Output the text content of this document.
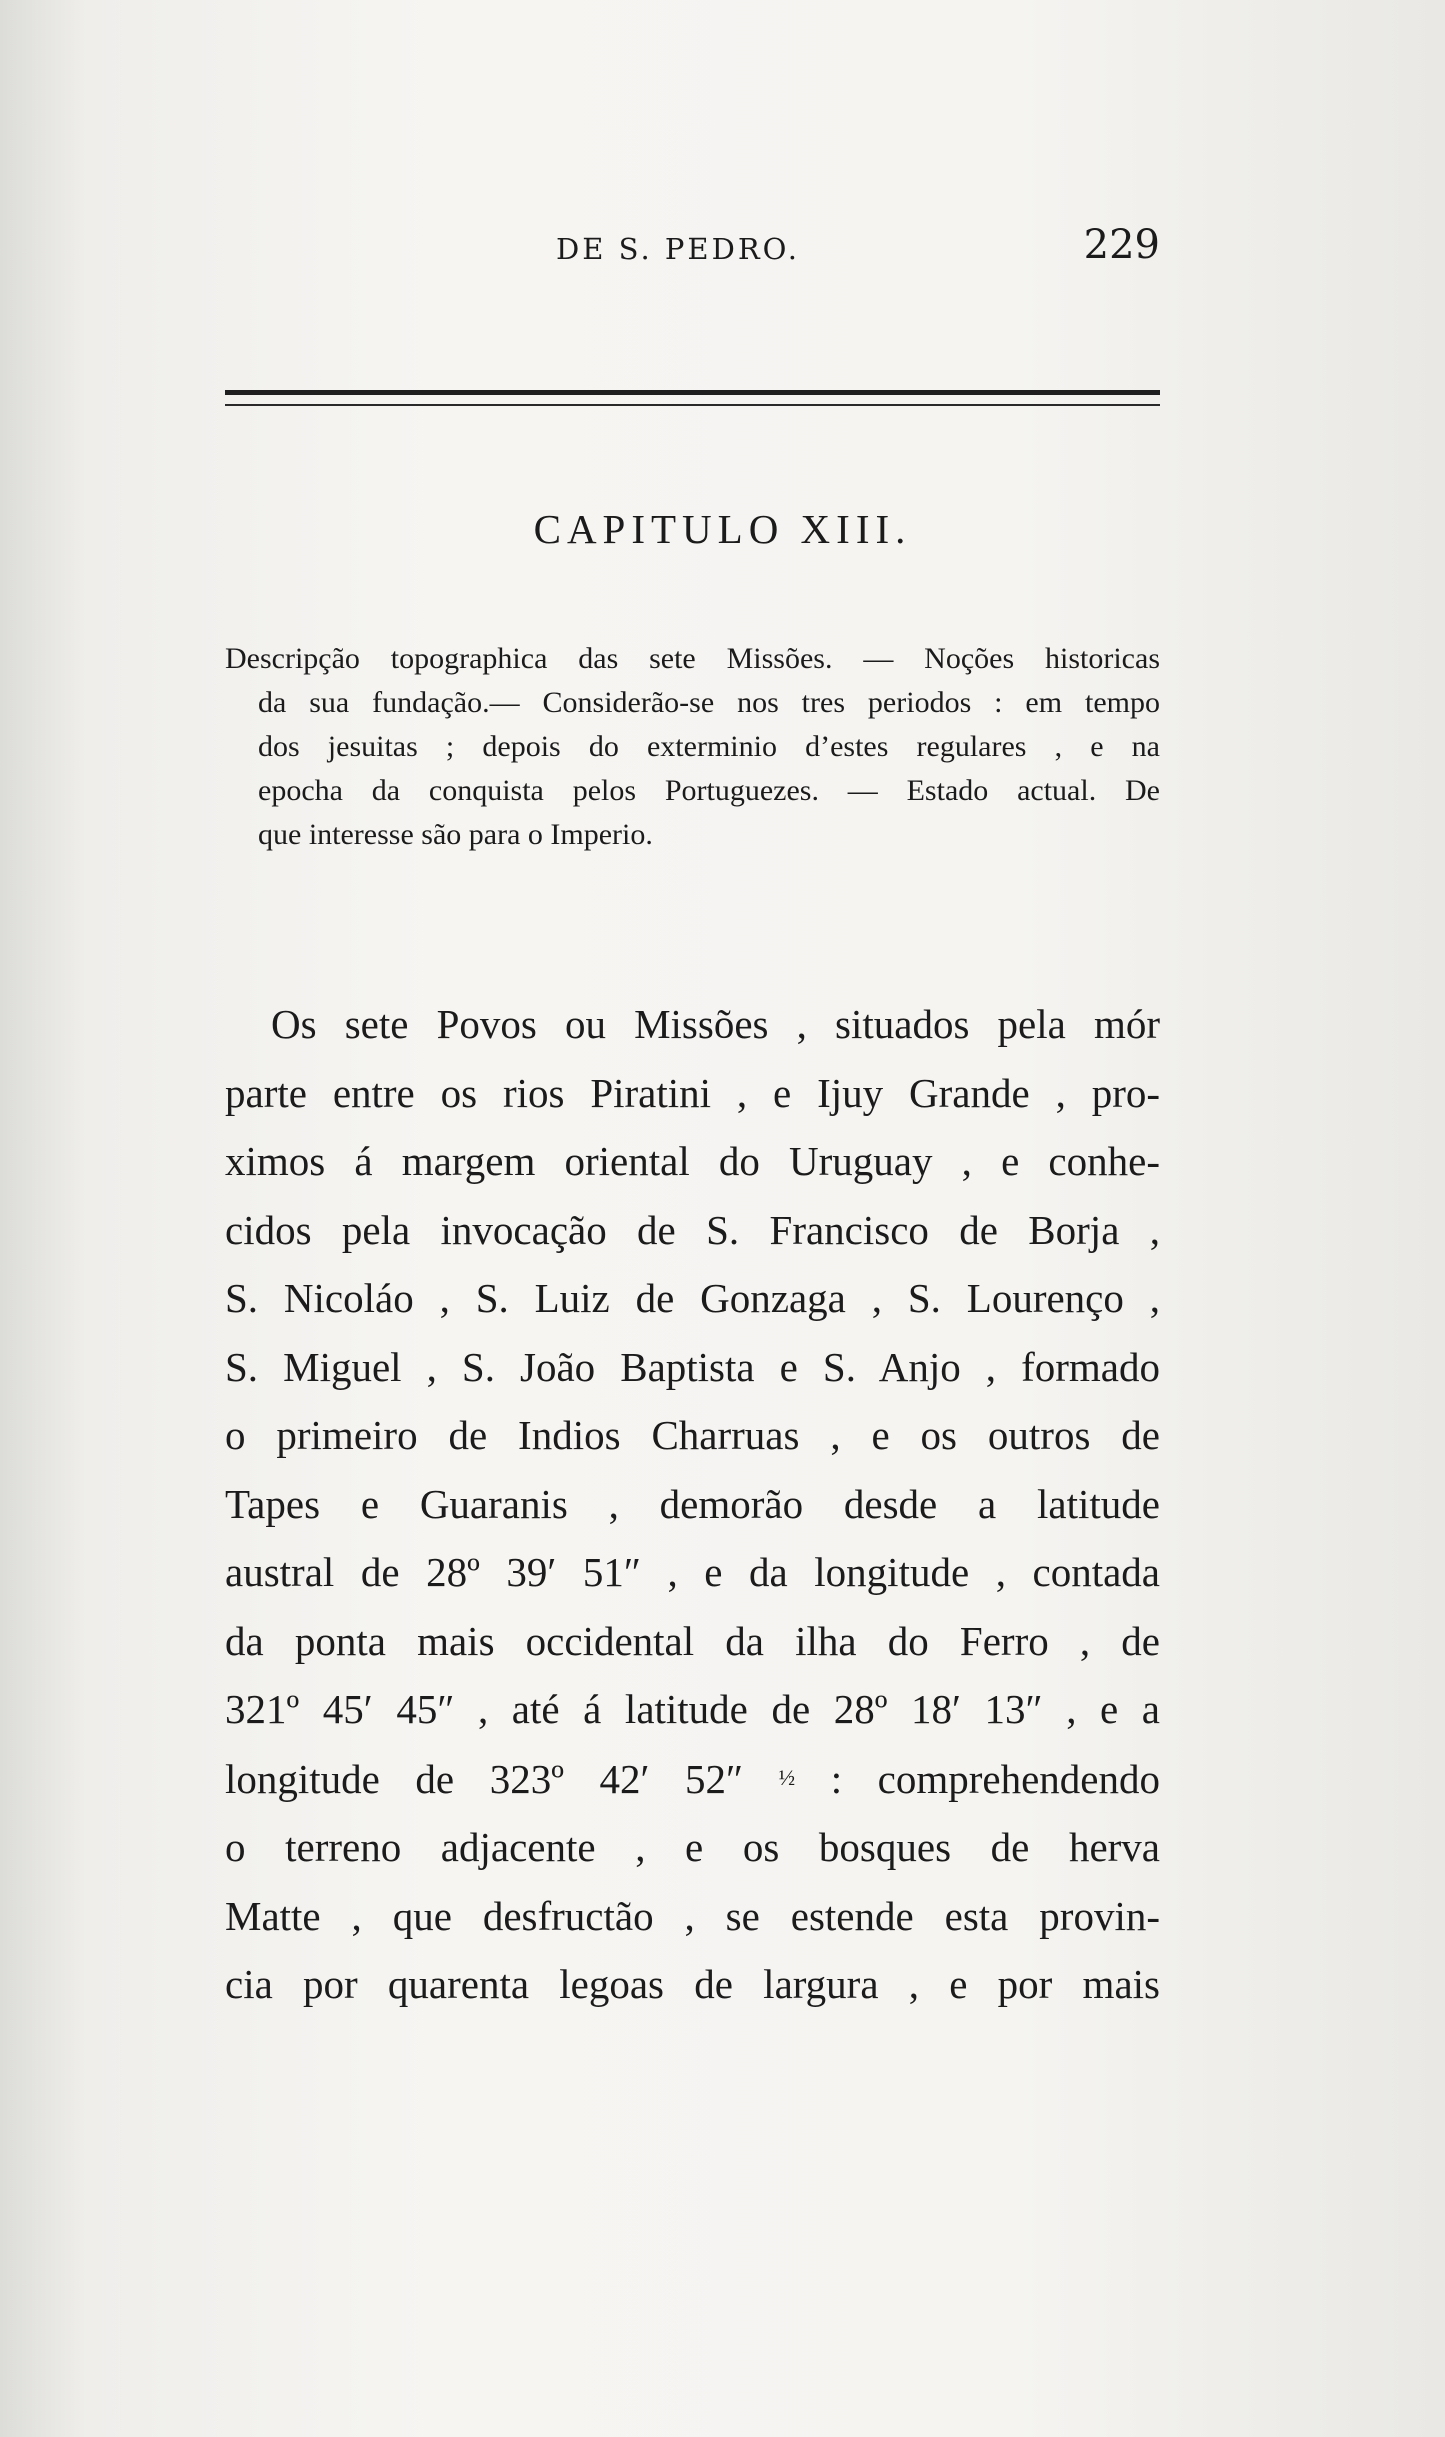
DE S. PEDRO.	229
CAPITULO XIII.
Descripção topographica das sete Missões. — Noções historicas
da sua fundação.— Considerão-se nos tres periodos : em tempo
dos jesuitas ; depois do exterminio d’estes regulares , e na
epocha da conquista pelos Portuguezes. — Estado actual. De
que interesse são para o Imperio.
Os sete Povos ou Missões , situados pela mór
parte entre os rios Piratini , e Ijuy Grande , pro-
ximos á margem oriental do Uruguay , e conhe-
cidos pela invocação de S. Francisco de Borja ,
S. Nicoláo , S. Luiz de Gonzaga , S. Lourenço ,
S. Miguel , S. João Baptista e S. Anjo , formado
o primeiro de Indios Charruas , e os outros de
Tapes e Guaranis , demorão desde a latitude
austral de 28º 39′ 51″ , e da longitude , contada
da ponta mais occidental da ilha do Ferro , de
321º 45′ 45″ , até á latitude de 28º 18′ 13″ , e a
longitude de 323º 42′ 52″ ½ : comprehendendo
o terreno adjacente , e os bosques de herva
Matte , que desfructão , se estende esta provin-
cia por quarenta legoas de largura , e por mais
